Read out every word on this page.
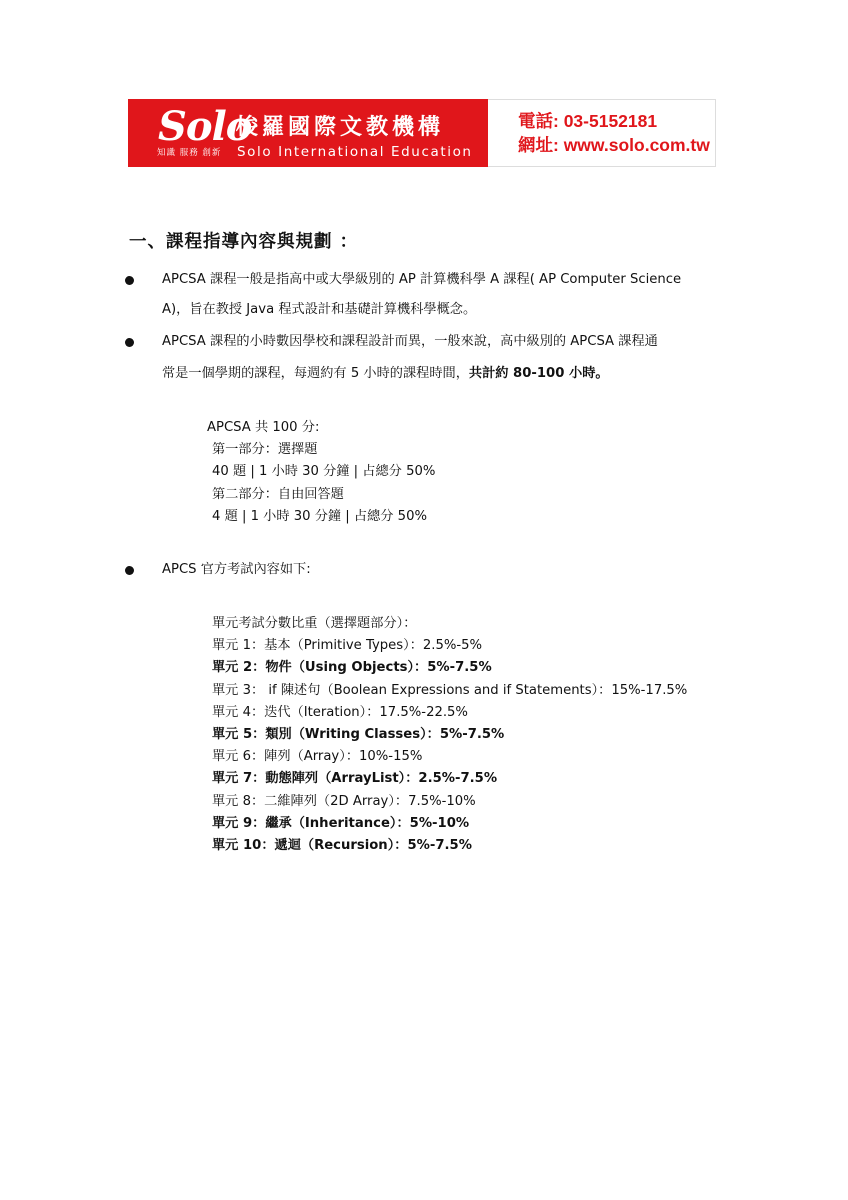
Solo
知識 服務 創新
梭羅國際文教機構
Solo International Education
電話: 03-5152181
網址: www.solo.com.tw
一、課程指導內容與規劃 ：
APCSA 課程一般是指高中或大學級別的 AP 計算機科學 A 課程( AP Computer Science
A)，旨在教授 Java 程式設計和基礎計算機科學概念。
APCSA 課程的小時數因學校和課程設計而異，一般來說，高中級別的 APCSA 課程通
常是一個學期的課程，每週約有 5 小時的課程時間，共計約 80-100 小時。
APCSA 共 100 分:
第一部分：選擇題
40 題 | 1 小時 30 分鐘 | 占總分 50%
第二部分：自由回答題
4 題 | 1 小時 30 分鐘 | 占總分 50%
APCS 官方考試內容如下:
單元考試分數比重（選擇題部分）：
單元 1：基本（Primitive Types）：2.5%-5%
單元 2：物件（Using Objects）：5%-7.5%
單元 3： if 陳述句（Boolean Expressions and if Statements）：15%-17.5%
單元 4：迭代（Iteration）：17.5%-22.5%
單元 5：類別（Writing Classes）：5%-7.5%
單元 6：陣列（Array）：10%-15%
單元 7：動態陣列（ArrayList）：2.5%-7.5%
單元 8：二維陣列（2D Array）：7.5%-10%
單元 9：繼承（Inheritance）：5%-10%
單元 10：遞迴（Recursion）：5%-7.5%
